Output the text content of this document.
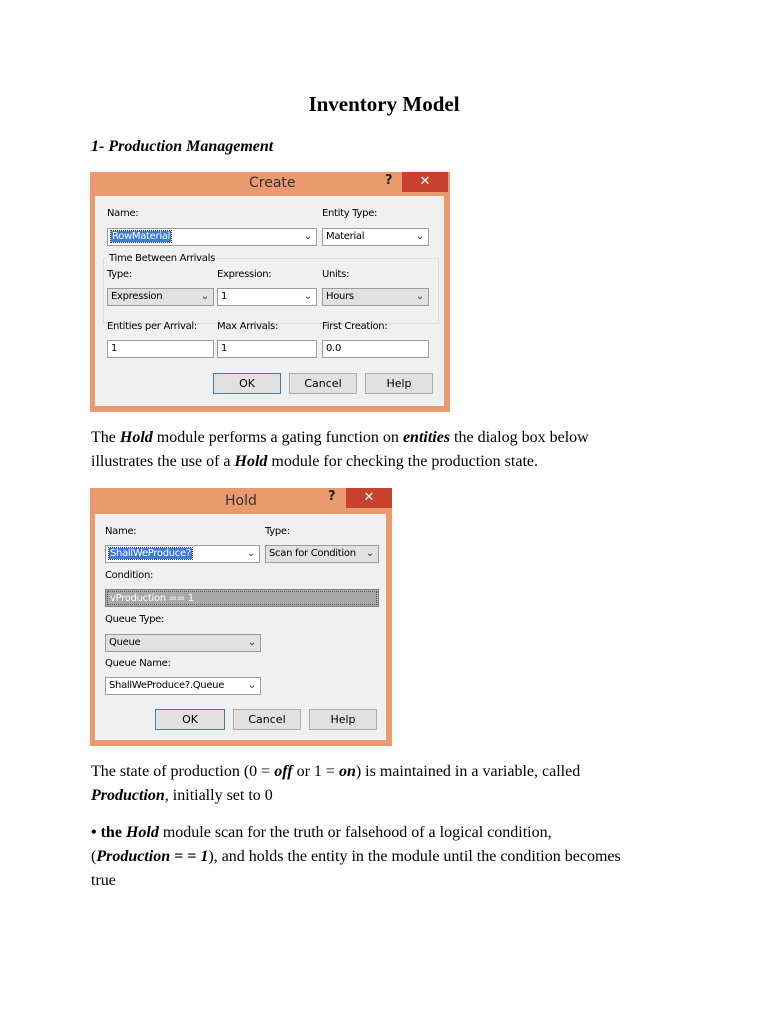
Inventory Model
1- Production Management
Create	?	✕
Name:
RowMaterial	⌄
Entity Type:
Material	⌄
Time Between Arrivals
Type:
Expression	⌄
Expression:
1	⌄
Units:
Hours	⌄
Entities per Arrival:
1
Max Arrivals:
1
First Creation:
0.0
OK	Cancel	Help
The Hold module performs a gating function on entities the dialog box below
illustrates the use of a Hold module for checking the production state.
Hold	?	✕
Name:
ShallWeProduce?	⌄
Type:
Scan for Condition ⌄
Condition:
vProduction == 1
Queue Type:
Queue	⌄
Queue Name:
ShallWeProduce?.Queue ⌄
OK	Cancel	Help
The state of production (0 = off or 1 = on) is maintained in a variable, called
Production, initially set to 0
• the Hold module scan for the truth or falsehood of a logical condition,
(Production = = 1), and holds the entity in the module until the condition becomes
true
